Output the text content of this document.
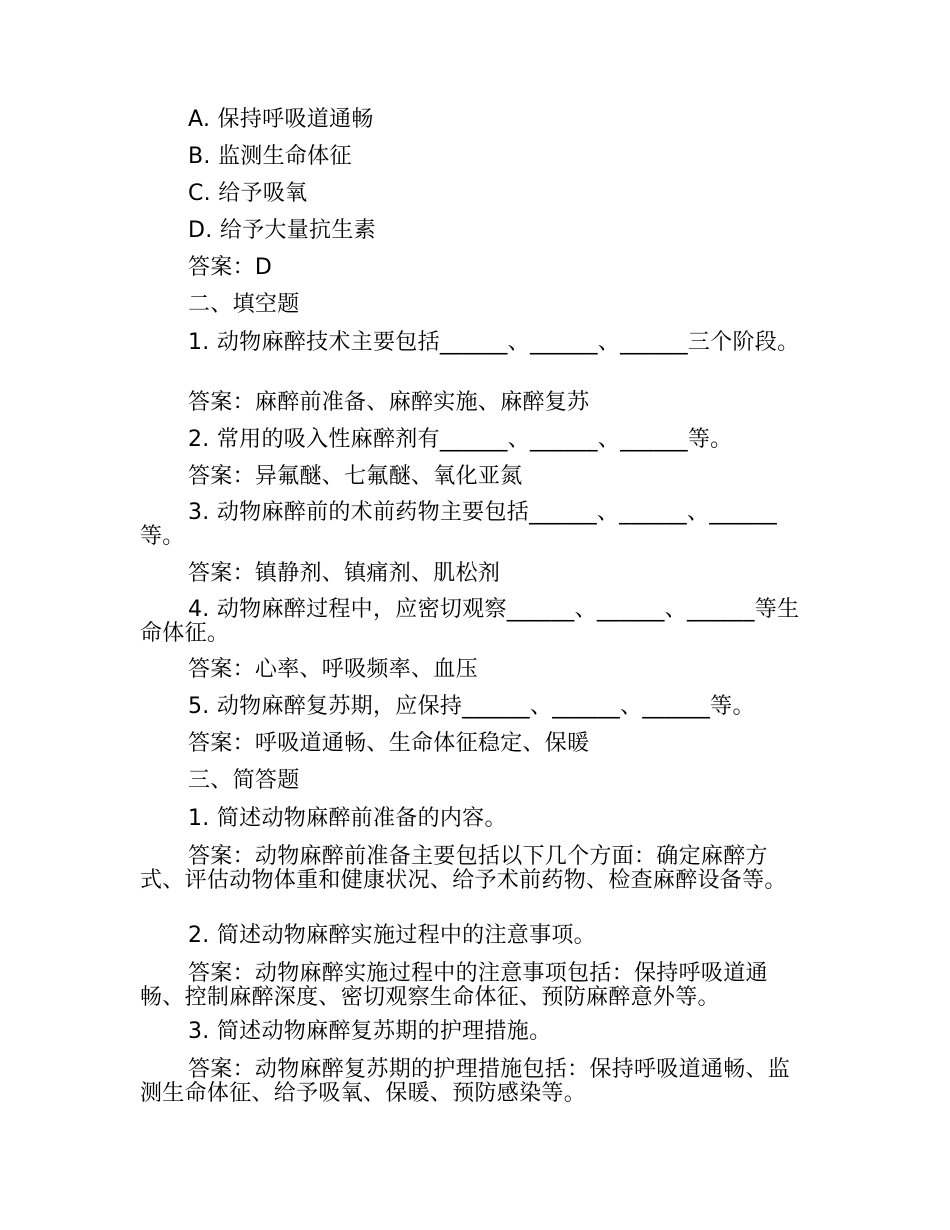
A. 保持呼吸道通畅
B. 监测生命体征
C. 给予吸氧
D. 给予大量抗生素
答案：D
二、填空题
1. 动物麻醉技术主要包括______、______、______三个阶段。
答案：麻醉前准备、麻醉实施、麻醉复苏
2. 常用的吸入性麻醉剂有______、______、______等。
答案：异氟醚、七氟醚、氧化亚氮
3. 动物麻醉前的术前药物主要包括______、______、______等。
答案：镇静剂、镇痛剂、肌松剂
4. 动物麻醉过程中，应密切观察______、______、______等生命体征。
答案：心率、呼吸频率、血压
5. 动物麻醉复苏期，应保持______、______、______等。
答案：呼吸道通畅、生命体征稳定、保暖
三、简答题
1. 简述动物麻醉前准备的内容。
答案：动物麻醉前准备主要包括以下几个方面：确定麻醉方式、评估动物体重和健康状况、给予术前药物、检查麻醉设备等。
2. 简述动物麻醉实施过程中的注意事项。
答案：动物麻醉实施过程中的注意事项包括：保持呼吸道通畅、控制麻醉深度、密切观察生命体征、预防麻醉意外等。
3. 简述动物麻醉复苏期的护理措施。
答案：动物麻醉复苏期的护理措施包括：保持呼吸道通畅、监测生命体征、给予吸氧、保暖、预防感染等。
